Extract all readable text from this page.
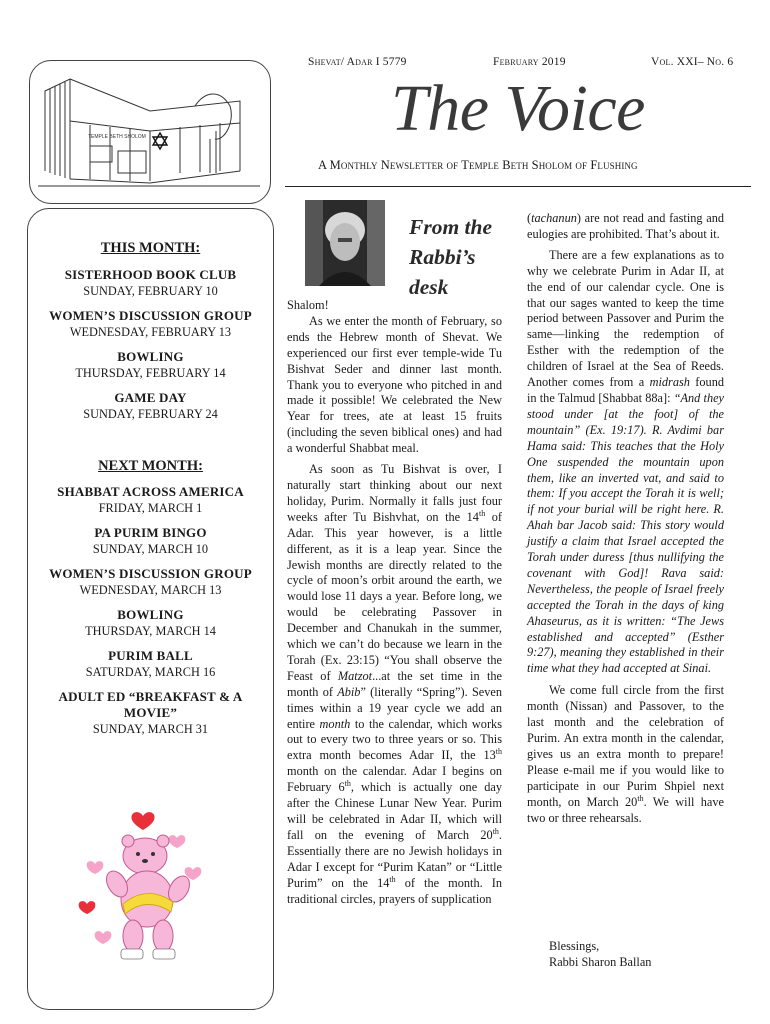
TEMPLE BETH SHOLOM
Shevat/ Adar I 5779	February 2019	Vol. XXI– No. 6
The Voice
A Monthly Newsletter of Temple Beth Sholom of Flushing
THIS MONTH:
SISTERHOOD BOOK CLUB
SUNDAY, FEBRUARY 10
WOMEN’S DISCUSSION GROUP
WEDNESDAY, FEBRUARY 13
BOWLING
THURSDAY, FEBRUARY 14
GAME DAY
SUNDAY, FEBRUARY 24
NEXT MONTH:
SHABBAT ACROSS AMERICA
FRIDAY, MARCH 1
PA PURIM BINGO
SUNDAY, MARCH 10
WOMEN’S DISCUSSION GROUP
WEDNESDAY, MARCH 13
BOWLING
THURSDAY, MARCH 14
PURIM BALL
SATURDAY, MARCH 16
ADULT ED “BREAKFAST & A MOVIE”
SUNDAY, MARCH 31
From the
Rabbi’s
desk

Shalom!

As we enter the month of February, so ends the Hebrew month of Shevat. We experienced our first ever temple-wide Tu Bishvat Seder and dinner last month. Thank you to everyone who pitched in and made it possible! We celebrated the New Year for trees, ate at least 15 fruits (including the seven biblical ones) and had a wonderful Shabbat meal.

As soon as Tu Bishvat is over, I naturally start thinking about our next holiday, Purim. Normally it falls just four weeks after Tu Bishvhat, on the 14th of Adar. This year however, is a little different, as it is a leap year. Since the Jewish months are directly related to the cycle of moon’s orbit around the earth, we would lose 11 days a year. Before long, we would be celebrating Passover in December and Chanukah in the summer, which we can’t do because we learn in the Torah (Ex. 23:15) “You shall observe the Feast of Matzot...at the set time in the month of Abib” (literally “Spring”). Seven times within a 19 year cycle we add an entire month to the calendar, which works out to every two to three years or so. This extra month becomes Adar II, the 13th month on the calendar. Adar I begins on February 6th, which is actually one day after the Chinese Lunar New Year. Purim will be celebrated in Adar II, which will fall on the evening of March 20th. Essentially there are no Jewish holidays in Adar I except for “Purim Katan” or “Little Purim” on the 14th of the month. In traditional circles, prayers of supplication

(tachanun) are not read and fasting and eulogies are prohibited. That’s about it.

There are a few explanations as to why we celebrate Purim in Adar II, at the end of our calendar cycle. One is that our sages wanted to keep the time period between Passover and Purim the same—linking the redemption of Esther with the redemption of the children of Israel at the Sea of Reeds. Another comes from a midrash found in the Talmud [Shabbat 88a]: “And they stood under [at the foot] of the mountain” (Ex. 19:17). R. Avdimi bar Hama said: This teaches that the Holy One suspended the mountain upon them, like an inverted vat, and said to them: If you accept the Torah it is well; if not your burial will be right here. R. Ahah bar Jacob said: This story would justify a claim that Israel accepted the Torah under duress [thus nullifying the covenant with God]! Rava said: Nevertheless, the people of Israel freely accepted the Torah in the days of king Ahaseurus, as it is written: “The Jews established and accepted” (Esther 9:27), meaning they established in their time what they had accepted at Sinai.

We come full circle from the first month (Nissan) and Passover, to the last month and the celebration of Purim. An extra month in the calendar, gives us an extra month to prepare! Please e-mail me if you would like to participate in our Purim Shpiel next month, on March 20th. We will have two or three rehearsals.

Blessings,
Rabbi Sharon Ballan
